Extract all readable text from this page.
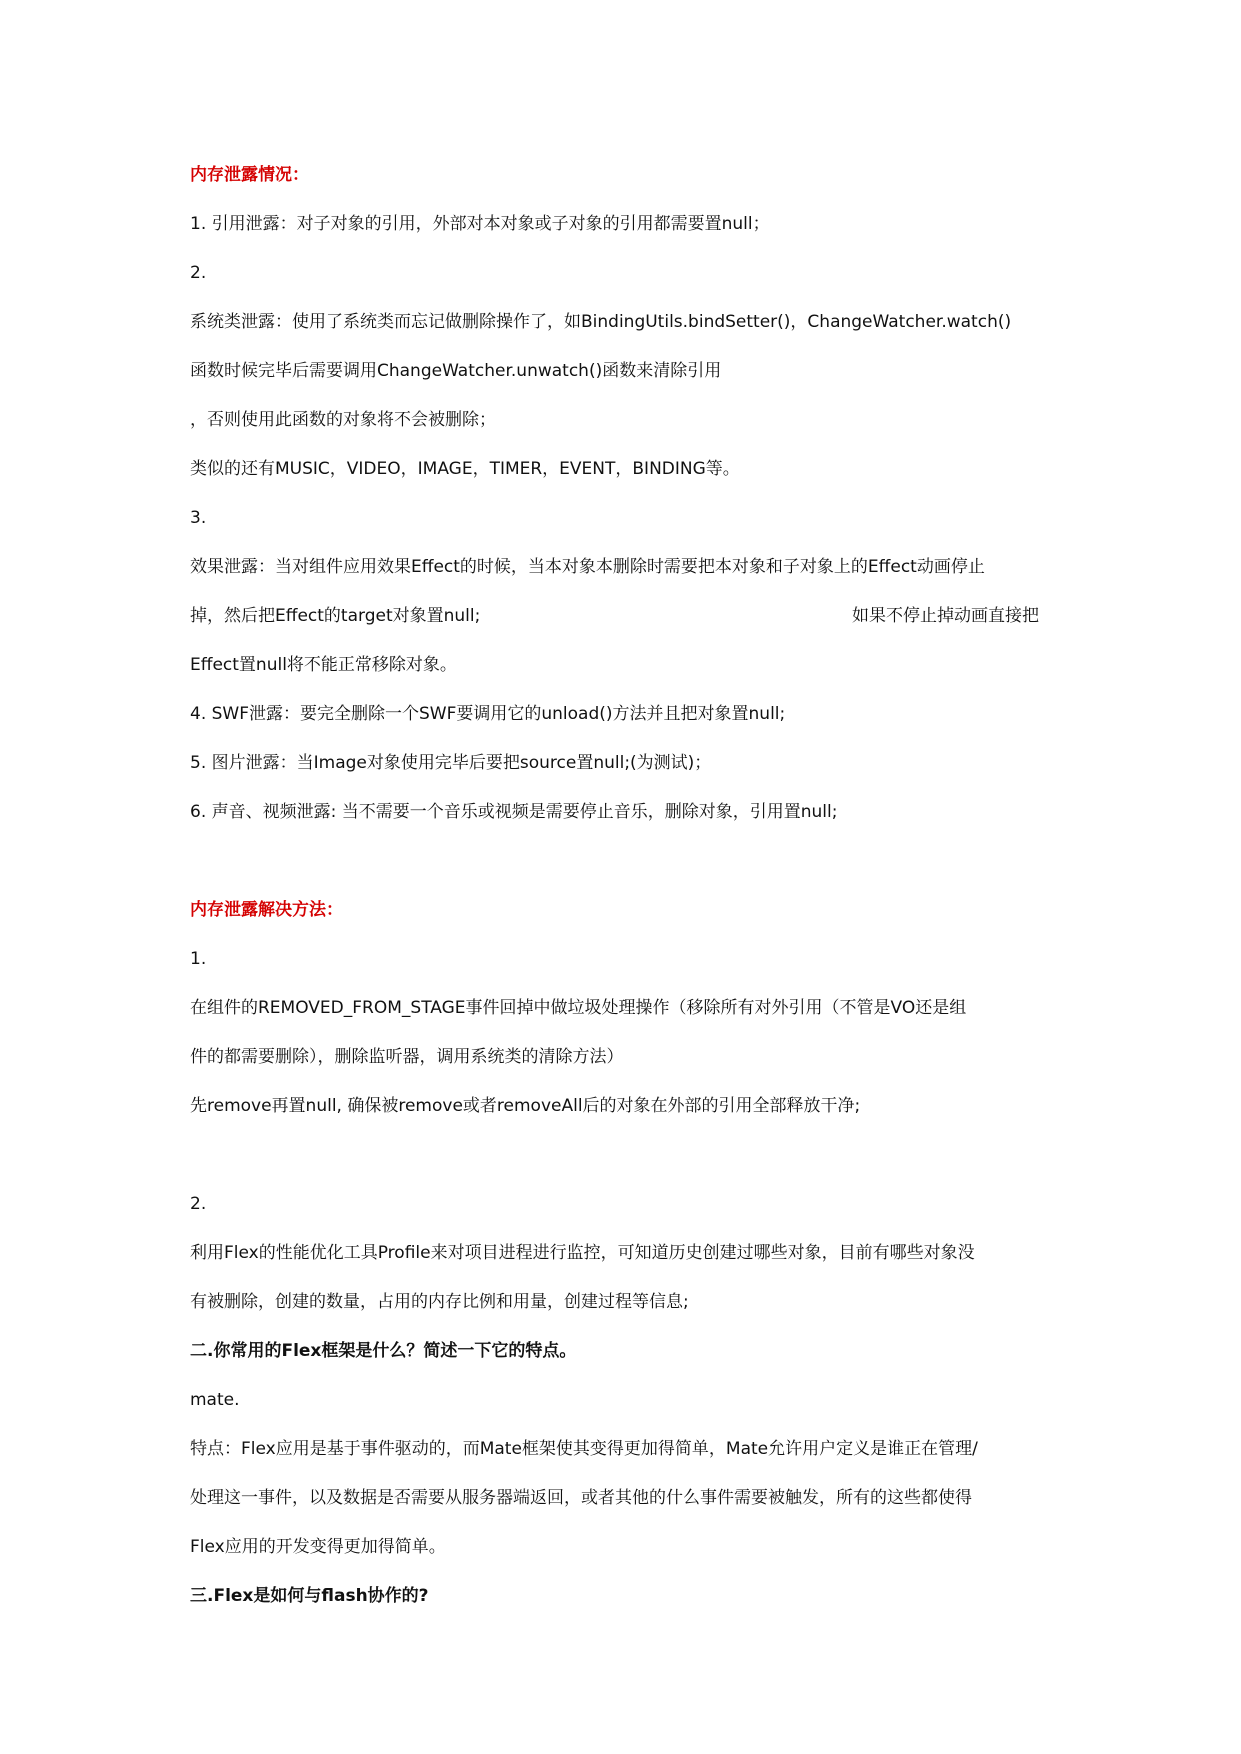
内存泄露情况：
1. 引用泄露：对子对象的引用，外部对本对象或子对象的引用都需要置null；
2.
系统类泄露：使用了系统类而忘记做删除操作了，如BindingUtils.bindSetter()，ChangeWatcher.watch()
函数时候完毕后需要调用ChangeWatcher.unwatch()函数来清除引用
，否则使用此函数的对象将不会被删除；
类似的还有MUSIC，VIDEO，IMAGE，TIMER，EVENT，BINDING等。
3.
效果泄露：当对组件应用效果Effect的时候，当本对象本删除时需要把本对象和子对象上的Effect动画停止
掉，然后把Effect的target对象置null;	如果不停止掉动画直接把
Effect置null将不能正常移除对象。
4. SWF泄露：要完全删除一个SWF要调用它的unload()方法并且把对象置null;
5. 图片泄露：当Image对象使用完毕后要把source置null;(为测试)；
6. 声音、视频泄露: 当不需要一个音乐或视频是需要停止音乐，删除对象，引用置null;
内存泄露解决方法：
1.
在组件的REMOVED_FROM_STAGE事件回掉中做垃圾处理操作（移除所有对外引用（不管是VO还是组
件的都需要删除），删除监听器，调用系统类的清除方法）
先remove再置null, 确保被remove或者removeAll后的对象在外部的引用全部释放干净;
2.
利用Flex的性能优化工具Profile来对项目进程进行监控，可知道历史创建过哪些对象，目前有哪些对象没
有被删除，创建的数量，占用的内存比例和用量，创建过程等信息;
二.你常用的Flex框架是什么？简述一下它的特点。
mate.
特点：Flex应用是基于事件驱动的，而Mate框架使其变得更加得简单，Mate允许用户定义是谁正在管理/
处理这一事件，以及数据是否需要从服务器端返回，或者其他的什么事件需要被触发，所有的这些都使得
Flex应用的开发变得更加得简单。
三.Flex是如何与flash协作的?
